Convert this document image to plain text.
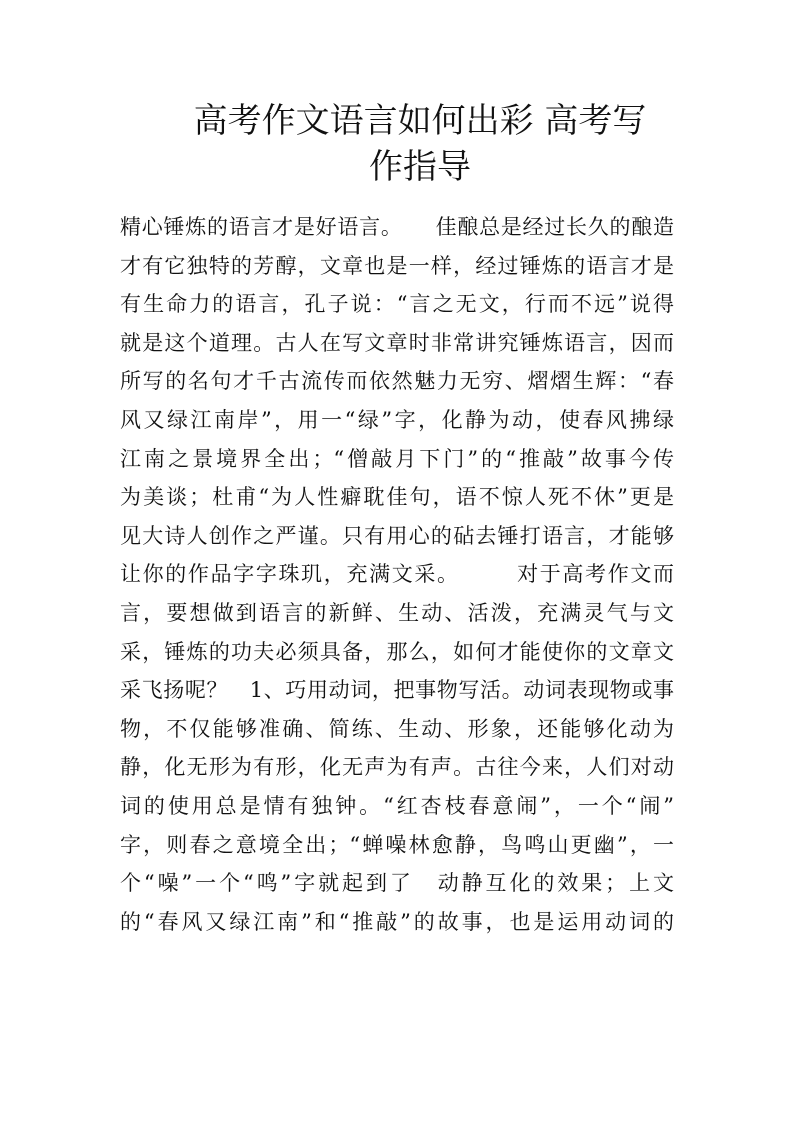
高考作文语言如何出彩 高考写
作指导
精心锤炼的语言才是好语言。　　佳酿总是经过长久的酿造
才有它独特的芳醇，文章也是一样，经过锤炼的语言才是
有生命力的语言，孔子说：“言之无文，行而不远”说得
就是这个道理。古人在写文章时非常讲究锤炼语言，因而
所写的名句才千古流传而依然魅力无穷、熠熠生辉：“春
风又绿江南岸”，用一“绿”字，化静为动，使春风拂绿
江南之景境界全出；“僧敲月下门”的“推敲”故事今传
为美谈；杜甫“为人性癖耽佳句，语不惊人死不休”更是
见大诗人创作之严谨。只有用心的砧去锤打语言，才能够
让你的作品字字珠玑，充满文采。　　　对于高考作文而
言，要想做到语言的新鲜、生动、活泼，充满灵气与文
采，锤炼的功夫必须具备，那么，如何才能使你的文章文
采飞扬呢？　1、巧用动词，把事物写活。动词表现物或事
物，不仅能够准确、简练、生动、形象，还能够化动为
静，化无形为有形，化无声为有声。古往今来，人们对动
词的使用总是情有独钟。“红杏枝春意闹”，一个“闹”
字，则春之意境全出；“蝉噪林愈静，鸟鸣山更幽”，一
个“噪”一个“鸣”字就起到了　动静互化的效果；上文
的“春风又绿江南”和“推敲”的故事，也是运用动词的
